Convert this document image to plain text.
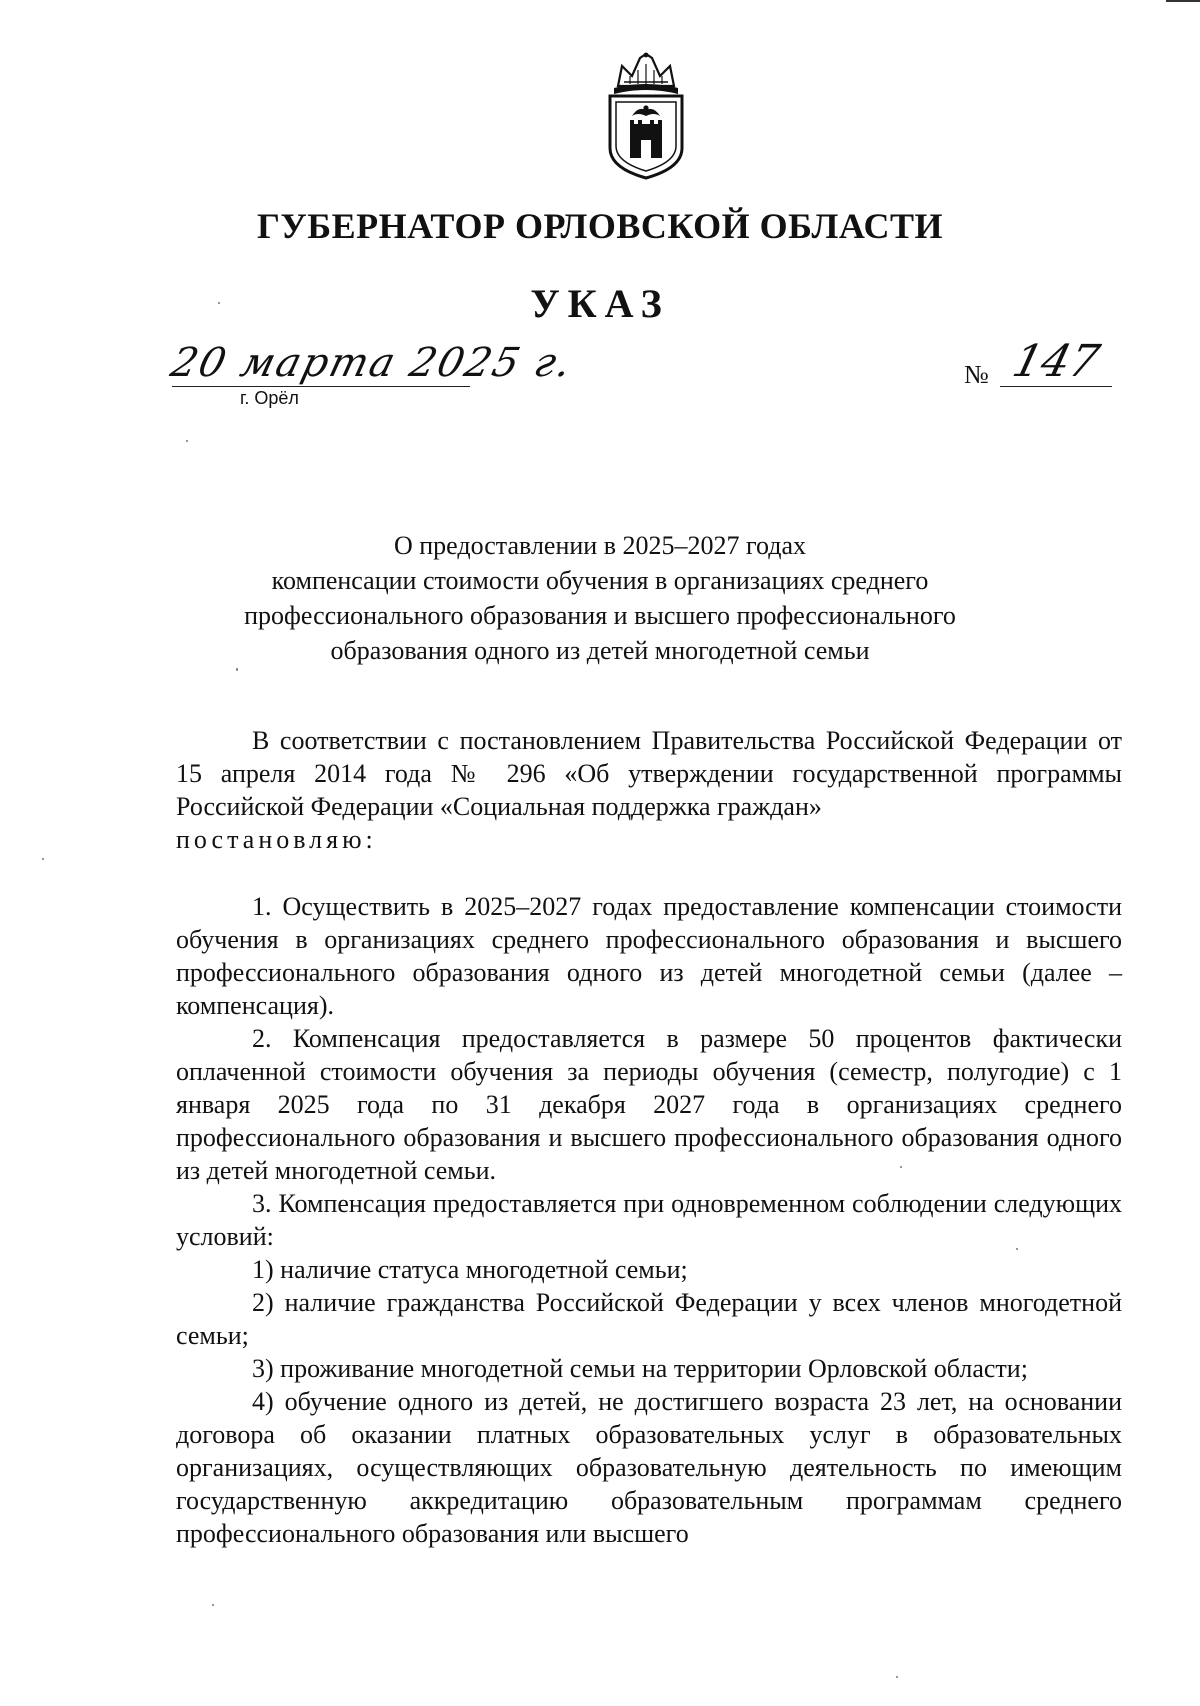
ГУБЕРНАТОР ОРЛОВСКОЙ ОБЛАСТИ
УКАЗ
20 марта 2025 г.
г. Орёл
№ 147
О предоставлении в 2025–2027 годах
компенсации стоимости обучения в организациях среднего
профессионального образования и высшего профессионального
образования одного из детей многодетной семьи

В соответствии с постановлением Правительства Российской Федерации от 15 апреля 2014 года № 296 «Об утверждении государственной программы Российской Федерации «Социальная поддержка граждан»
постановляю:

1. Осуществить в 2025–2027 годах предоставление компенсации стоимости обучения в организациях среднего профессионального образования и высшего профессионального образования одного из детей многодетной семьи (далее – компенсация).

2. Компенсация предоставляется в размере 50 процентов фактически оплаченной стоимости обучения за периоды обучения (семестр, полугодие) с 1 января 2025 года по 31 декабря 2027 года в организациях среднего профессионального образования и высшего профессионального образования одного из детей многодетной семьи.

3. Компенсация предоставляется при одновременном соблюдении следующих условий:

1) наличие статуса многодетной семьи;

2) наличие гражданства Российской Федерации у всех членов многодетной семьи;

3) проживание многодетной семьи на территории Орловской области;

4) обучение одного из детей, не достигшего возраста 23 лет, на основании договора об оказании платных образовательных услуг в образовательных организациях, осуществляющих образовательную деятельность по имеющим государственную аккредитацию образовательным программам среднего профессионального образования или высшего
